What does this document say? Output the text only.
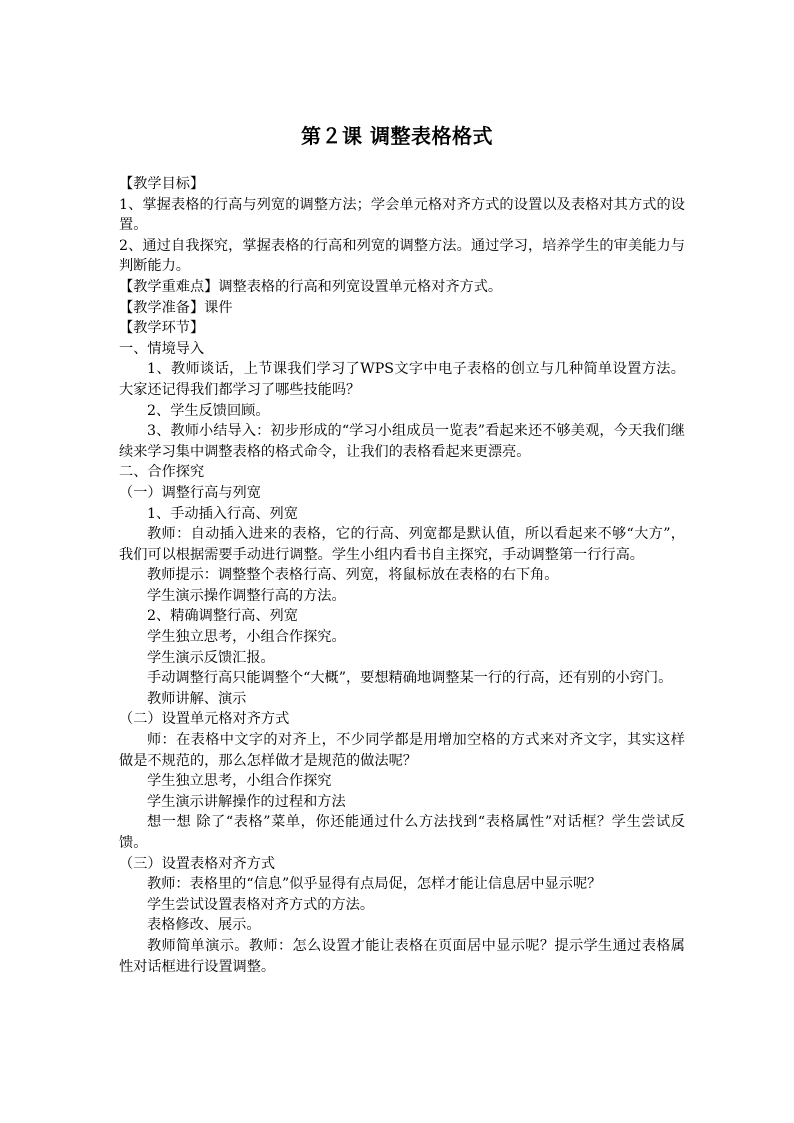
第２课 调整表格格式

【教学目标】

1、掌握表格的行高与列宽的调整方法；学会单元格对齐方式的设置以及表格对其方式的设置。

2、通过自我探究，掌握表格的行高和列宽的调整方法。通过学习，培养学生的审美能力与判断能力。

【教学重难点】调整表格的行高和列宽设置单元格对齐方式。

【教学准备】课件

【教学环节】

一、情境导入

1、教师谈话，上节课我们学习了WPS文字中电子表格的创立与几种简单设置方法。大家还记得我们都学习了哪些技能吗？

2、学生反馈回顾。

3、教师小结导入：初步形成的“学习小组成员一览表”看起来还不够美观，今天我们继续来学习集中调整表格的格式命令，让我们的表格看起来更漂亮。

二、合作探究

（一）调整行高与列宽

1、手动插入行高、列宽

教师：自动插入进来的表格，它的行高、列宽都是默认值，所以看起来不够“大方”，我们可以根据需要手动进行调整。学生小组内看书自主探究，手动调整第一行行高。

教师提示：调整整个表格行高、列宽，将鼠标放在表格的右下角。

学生演示操作调整行高的方法。

2、精确调整行高、列宽

学生独立思考，小组合作探究。

学生演示反馈汇报。

手动调整行高只能调整个“大概”，要想精确地调整某一行的行高，还有别的小窍门。

教师讲解、演示

（二）设置单元格对齐方式

师：在表格中文字的对齐上，不少同学都是用增加空格的方式来对齐文字，其实这样做是不规范的，那么怎样做才是规范的做法呢？

学生独立思考，小组合作探究

学生演示讲解操作的过程和方法

想一想 除了“表格”菜单，你还能通过什么方法找到“表格属性”对话框？学生尝试反馈。

（三）设置表格对齐方式

教师：表格里的“信息”似乎显得有点局促，怎样才能让信息居中显示呢？

学生尝试设置表格对齐方式的方法。

表格修改、展示。

教师简单演示。教师：怎么设置才能让表格在页面居中显示呢？提示学生通过表格属性对话框进行设置调整。
